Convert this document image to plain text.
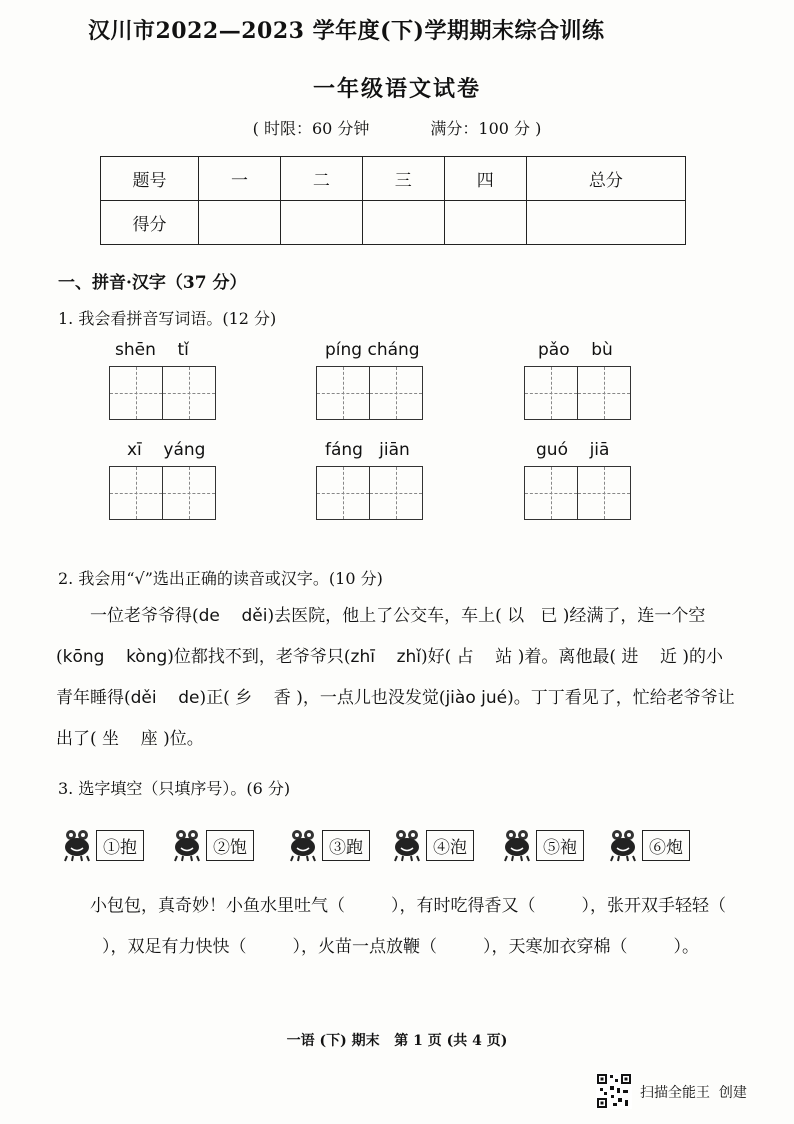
汉川市2022—2023 学年度(下)学期期末综合训练
一年级语文试卷
( 时限：60 分钟	满分：100 分 )
题号	一	二	三	四	总分
得分					
一、拼音·汉字（37 分）
1. 我会看拼音写词语。(12 分)
shēn    tǐ	píng cháng	pǎo    bù
xī    yáng	fáng   jiān	guó    jiā
2. 我会用“√”选出正确的读音或汉字。(10 分)
一位老爷爷得(de    děi)去医院，他上了公交车，车上( 以   已 )经满了，连一个空(kōng    kòng)位都找不到，老爷爷只(zhī    zhǐ)好( 占    站 )着。离他最( 进    近 )的小青年睡得(děi    de)正( 乡    香 )，一点儿也没发觉(jiào jué)。丁丁看见了，忙给老爷爷让出了( 坐    座 )位。
3. 选字填空（只填序号）。(6 分)
①抱	②饱	③跑	④泡	⑤袍	⑥炮
小包包，真奇妙！小鱼水里吐气（	），有时吃得香又（	），张开双手轻轻（），双足有力快快（	），火苗一点放鞭（	），天寒加衣穿棉（	）。
一语 (下) 期末   第 1 页 (共 4 页)
扫描全能王  创建
